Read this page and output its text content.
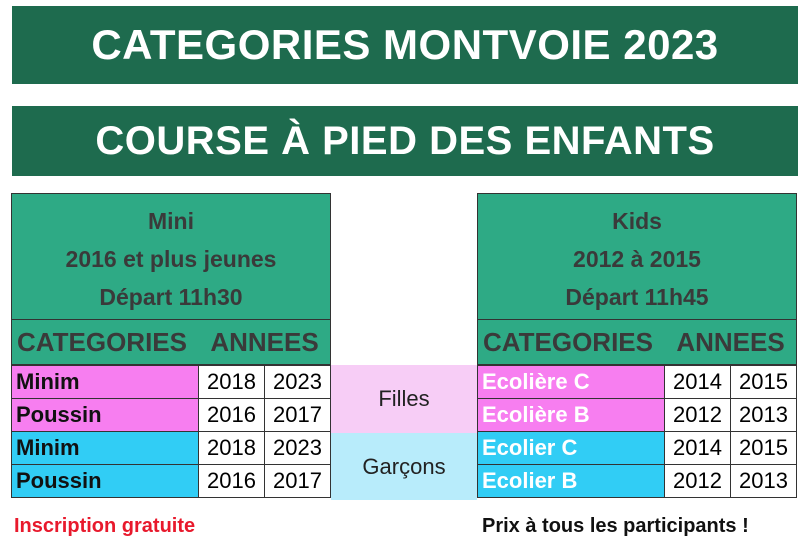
CATEGORIES MONTVOIE 2023
COURSE À PIED DES ENFANTS
Mini
2016 et plus jeunes
Départ 11h30
CATEGORIES ANNEES
Minim	2018	2023
Poussin	2016	2017
Minim	2018	2023
Poussin	2016	2017
Filles
Garçons
Kids
2012 à 2015
Départ 11h45
CATEGORIES ANNEES
Ecolière C	2014	2015
Ecolière B	2012	2013
Ecolier C	2014	2015
Ecolier B	2012	2013
Inscription gratuite	Prix à tous les participants !
